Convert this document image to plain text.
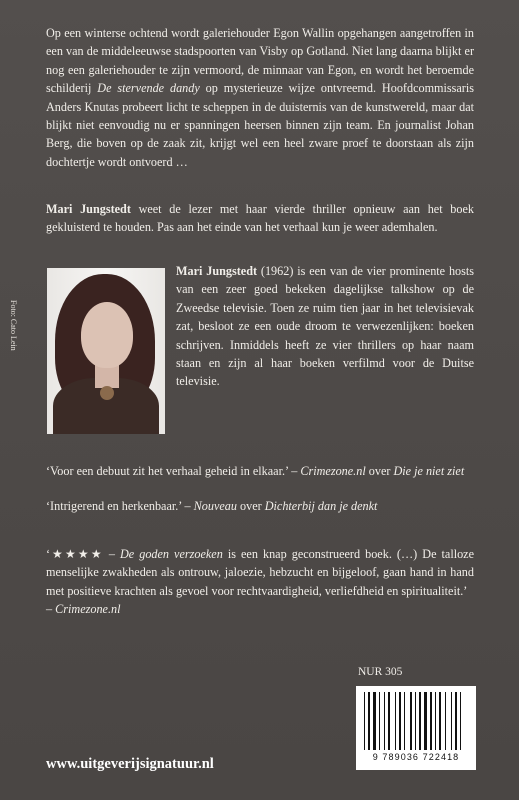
Op een winterse ochtend wordt galeriehouder Egon Wallin opgehangen aangetroffen in een van de middeleeuwse stadspoorten van Visby op Gotland. Niet lang daarna blijkt er nog een galeriehouder te zijn vermoord, de minnaar van Egon, en wordt het beroemde schilderij De stervende dandy op mysterieuze wijze ontvreemd. Hoofdcommissaris Anders Knutas probeert licht te scheppen in de duisternis van de kunstwereld, maar dat blijkt niet eenvoudig nu er spanningen heersen binnen zijn team. En journalist Johan Berg, die boven op de zaak zit, krijgt wel een heel zware proef te doorstaan als zijn dochtertje wordt ontvoerd …

Mari Jungstedt weet de lezer met haar vierde thriller opnieuw aan het boek gekluisterd te houden. Pas aan het einde van het verhaal kun je weer ademhalen.

Foto: Cato Lein

Mari Jungstedt (1962) is een van de vier prominente hosts van een zeer goed bekeken dagelijkse talkshow op de Zweedse televisie. Toen ze ruim tien jaar in het televisievak zat, besloot ze een oude droom te verwezenlijken: boeken schrijven. Inmiddels heeft ze vier thrillers op haar naam staan en zijn al haar boeken verfilmd voor de Duitse televisie.

‘Voor een debuut zit het verhaal geheid in elkaar.’ – Crimezone.nl over Die je niet ziet

‘Intrigerend en herkenbaar.’ – Nouveau over Dichterbij dan je denkt

‘★★★★ – De goden verzoeken is een knap geconstrueerd boek. (…) De talloze menselijke zwakheden als ontrouw, jaloezie, hebzucht en bijgeloof, gaan hand in hand met positieve krachten als gevoel voor rechtvaardigheid, verliefdheid en spiritualiteit.’
– Crimezone.nl

NUR 305
9 789036 722418
www.uitgeverijsignatuur.nl
